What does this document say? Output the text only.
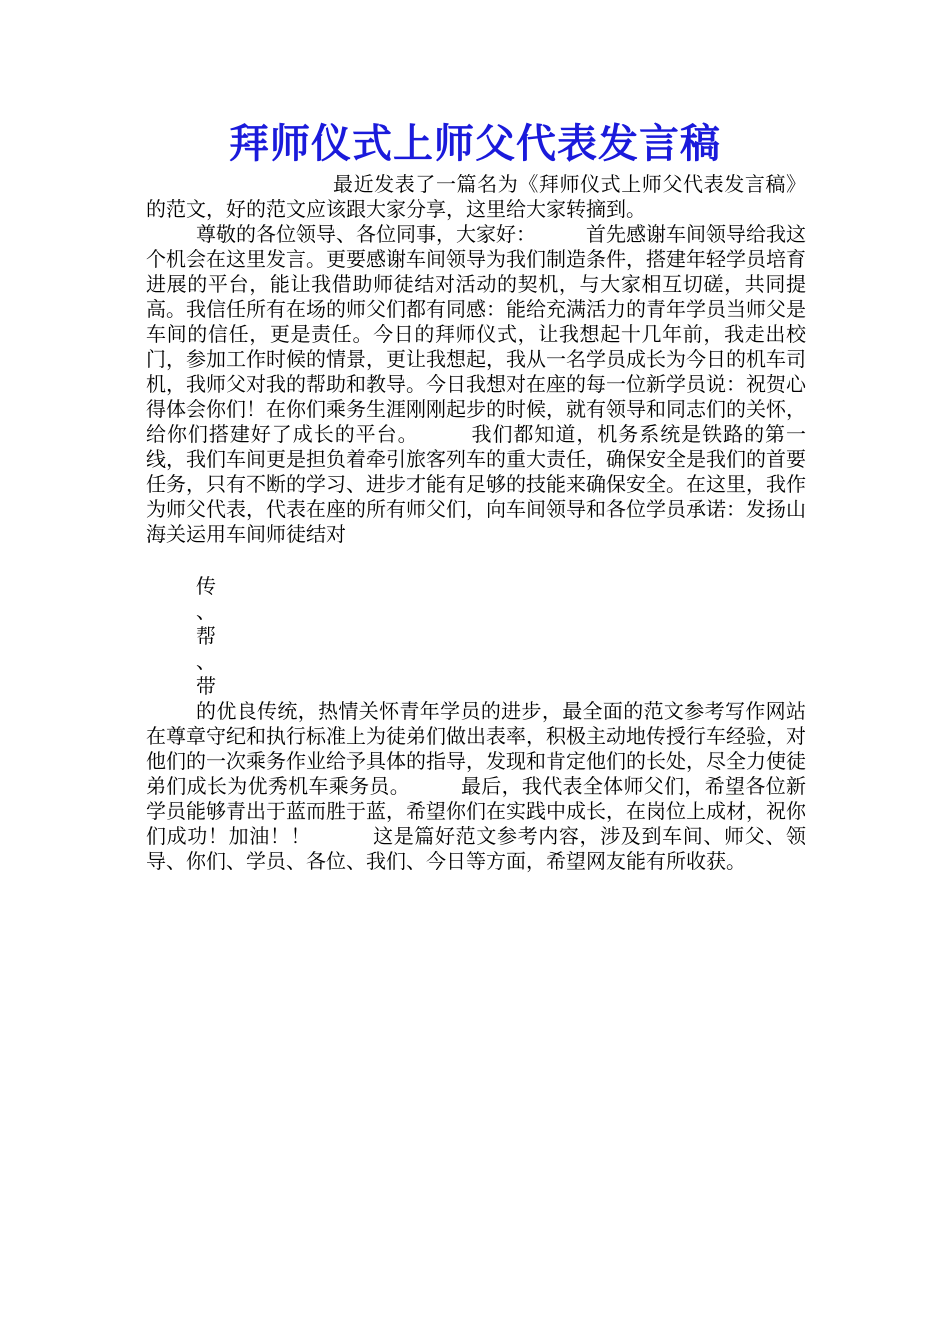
拜师仪式上师父代表发言稿

最近发表了一篇名为《拜师仪式上师父代表发言稿》的范文，好的范文应该跟大家分享，这里给大家转摘到。

尊敬的各位领导、各位同事，大家好：　　　首先感谢车间领导给我这个机会在这里发言。更要感谢车间领导为我们制造条件，搭建年轻学员培育进展的平台，能让我借助师徒结对活动的契机，与大家相互切磋，共同提高。我信任所有在场的师父们都有同感：能给充满活力的青年学员当师父是车间的信任，更是责任。今日的拜师仪式，让我想起十几年前，我走出校门，参加工作时候的情景，更让我想起，我从一名学员成长为今日的机车司机，我师父对我的帮助和教导。今日我想对在座的每一位新学员说：祝贺心得体会你们！在你们乘务生涯刚刚起步的时候，就有领导和同志们的关怀，给你们搭建好了成长的平台。　　　我们都知道，机务系统是铁路的第一线，我们车间更是担负着牵引旅客列车的重大责任，确保安全是我们的首要任务，只有不断的学习、进步才能有足够的技能来确保安全。在这里，我作为师父代表，代表在座的所有师父们，向车间领导和各位学员承诺：发扬山海关运用车间师徒结对

传
、
帮
、
带

的优良传统，热情关怀青年学员的进步，最全面的范文参考写作网站在尊章守纪和执行标准上为徒弟们做出表率，积极主动地传授行车经验，对他们的一次乘务作业给予具体的指导，发现和肯定他们的长处，尽全力使徒弟们成长为优秀机车乘务员。　　　最后，我代表全体师父们，希望各位新学员能够青出于蓝而胜于蓝，希望你们在实践中成长，在岗位上成材，祝你们成功！加油！！　　　这是篇好范文参考内容，涉及到车间、师父、领导、你们、学员、各位、我们、今日等方面，希望网友能有所收获。
